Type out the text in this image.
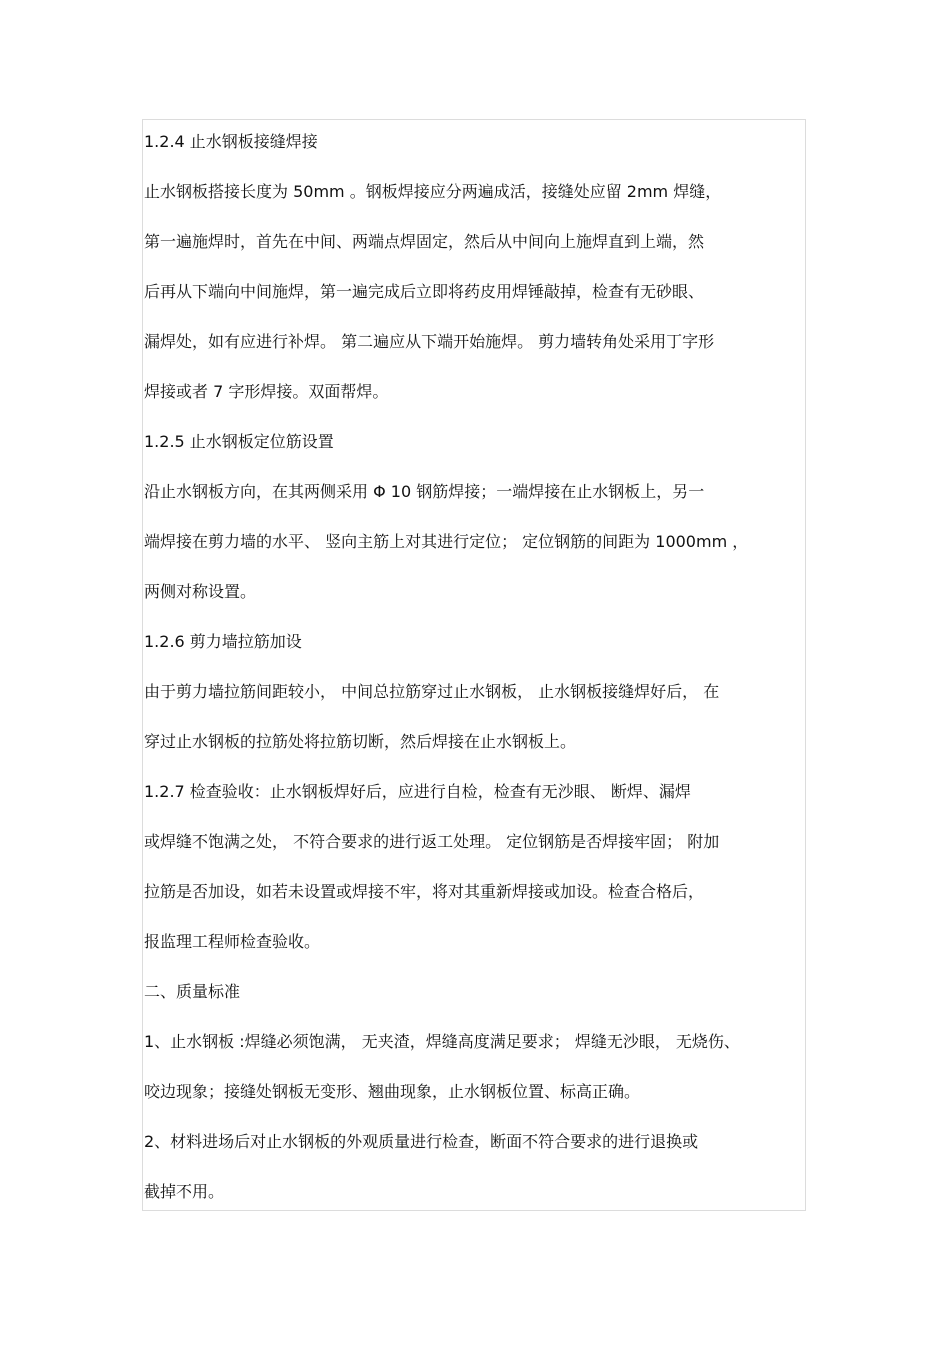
1.2.4 止水钢板接缝焊接
止水钢板搭接长度为 50mm 。钢板焊接应分两遍成活，接缝处应留 2mm 焊缝，
第一遍施焊时，首先在中间、两端点焊固定，然后从中间向上施焊直到上端，然
后再从下端向中间施焊，第一遍完成后立即将药皮用焊锤敲掉，检查有无砂眼、
漏焊处，如有应进行补焊。 第二遍应从下端开始施焊。 剪力墙转角处采用丁字形
焊接或者 7 字形焊接。双面帮焊。
1.2.5 止水钢板定位筋设置
沿止水钢板方向，在其两侧采用 Φ 10 钢筋焊接；一端焊接在止水钢板上，另一
端焊接在剪力墙的水平、 竖向主筋上对其进行定位； 定位钢筋的间距为 1000mm ，
两侧对称设置。
1.2.6 剪力墙拉筋加设
由于剪力墙拉筋间距较小， 中间总拉筋穿过止水钢板， 止水钢板接缝焊好后， 在
穿过止水钢板的拉筋处将拉筋切断，然后焊接在止水钢板上。
1.2.7 检查验收：止水钢板焊好后，应进行自检，检查有无沙眼、 断焊、漏焊
或焊缝不饱满之处， 不符合要求的进行返工处理。 定位钢筋是否焊接牢固； 附加
拉筋是否加设，如若未设置或焊接不牢，将对其重新焊接或加设。检查合格后，
报监理工程师检查验收。
二、质量标准
1、止水钢板 :焊缝必须饱满， 无夹渣，焊缝高度满足要求； 焊缝无沙眼， 无烧伤、
咬边现象；接缝处钢板无变形、翘曲现象，止水钢板位置、标高正确。
2、材料进场后对止水钢板的外观质量进行检查，断面不符合要求的进行退换或
截掉不用。
